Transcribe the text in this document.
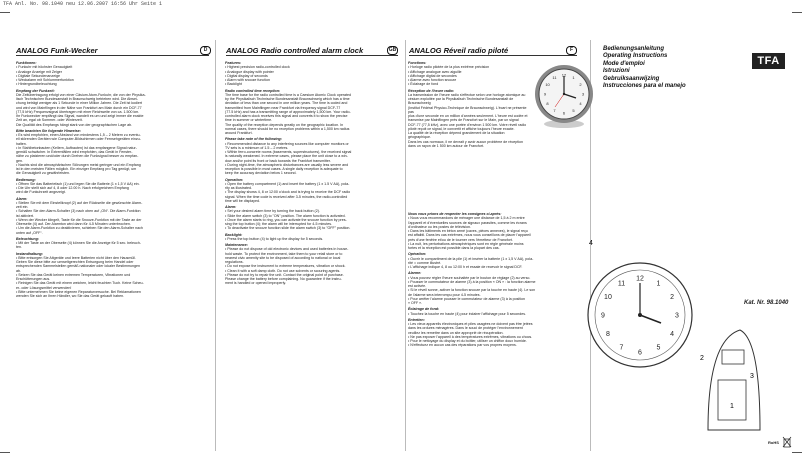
TFA Anl. No. 98.1040 neu 12.06.2007 16:56 Uhr Seite 1
ANALOG Funk-Wecker	D	ANALOG Radio controlled alarm clock	GB ANALOG Réveil radio piloté	F

Funktionen:

• Funkuhr mit höchster Genauigkeit

• Analoge Anzeige mit Zeiger

• Digitale Sekundenanzeige

• Weckalarm mit Schlummerfunktion

• Hintergrundbeleuchtung

Empfang der Funkzeit:

Die Zeitübertragung erfolgt von einer Cäsium Atom-Funkuhr, die von der Physika-

lisch Technischen Bundesanstalt in Braunschweig betrieben wird. Die Abwei-

chung beträgt weniger als 1 Sekunde in einer Million Jahren. Die Zeit ist kodiert

und wird von Mainflingen in der Nähe von Frankfurt am Main durch ein DCF-77

(77,5 kHz) Frequenzsignal übertragen mit einer Reichweite von ca. 1.500 km.

Ihr Funkwecker empfängt das Signal, wandelt es um und zeigt immer die exakte

Zeit an, egal ob Sommer- oder Winterzeit.

Die Qualität des Empfangs hängt stark von der geographischen Lage ab.

Bitte beachten Sie folgende Hinweise:

• Es wird empfohlen, einen Abstand von mindestens 1,5 – 2 Metern zu eventu-

ell störenden Geräten wie Computer-Bildschirmen oder Fernsehgeräten einzu-

halten.

• In Stahlbetonbauten (Kellern, Aufbauten) ist das empfangene Signal natur-

gemäß schwächer. In Extremfällen wird empfohlen, das Gerät in Fenster-

nähe zu platzieren und/oder durch Drehen die Funksignal besser zu empfan-

gen.

• Nachts sind die atmosphärischen Störungen meist geringer und ein Empfang

ist in den meisten Fällen möglich. Ein einziger Empfang pro Tag genügt, um

die Genauigkeit zu gewährleisten.

Bedienung:

• Öffnen Sie das Batteriefach (1) und legen Sie die Batterie (1 x 1,5 V AA) ein.

• Die Uhr stellt sich auf 4, 8 oder 12.00 h. Nach erfolgreichem Empfang

wird die Funkuhrzeit angezeigt.

Alarm:

• Stellen Sie mit dem Einstellknopf (2) auf der Rückseite die gewünschte Alarm-

zeit ein.

• Schalten Sie den Alarm-Schalter (3) nach oben auf „ON“. Die Alarm-Funktion

ist aktiviert.

• Wenn der Wecker klingelt, Taste für die Snooze-Funktion mit der Taste an der

Oberseite (4) auf. Der Alarmton wird dann für 4-5 Minuten unterbrochen.

• Um die Alarm-Funktion zu deaktivieren, schieben Sie den Alarm-Schalter nach

unten auf „OFF“.

Beleuchtung:

• Mit der Taste an der Oberseite (4) können Sie die Anzeige für 5 sec. beleuch-

ten.

Instandhaltung:

• Bitte entsorgen Sie Altgeräte und leere Batterien nicht über den Hausmüll.

Geben Sie diese bitte zur umweltgerechten Entsorgung beim Handel oder

entsprechenden Sammelstellen gemäß nationaler oder lokaler Bestimmungen

ab.

• Setzen Sie das Gerät keinen extremen Temperaturen, Vibrationen und

Erschütterungen aus.

• Reinigen Sie das Gerät mit einem weichen, leicht feuchten Tuch. Keine Scheu-

er- oder Lösungsmittel verwenden!

• Bitte unternehmen Sie keine eigenen Reparaturversuche. Bei Reklamationen

wenden Sie sich an Ihren Händler, wo Sie das Gerät gekauft haben.

Features:

• Highest precision radio-controlled clock

• Analogue display with pointer

• Digital display of seconds

• Alarm with snooze function

• Backlight

Radio controlled time reception:

The time base for the radio controlled time is a Caesium Atomic Clock operated

by the Physikalisch Technische Bundesanstalt Braunschweig which has a time

deviation of less than one second in one million years. The time is coded and

transmitted from Mainflingen near Frankfurt via frequency signal DCF-77

(77.5 kHz) and has a transmitting range of approximately 1,500 km. Your radio-

controlled alarm clock receives this signal and converts it to show the precise

time in summer or wintertime.

The quality of the reception depends greatly on the geographic location. In

normal cases, there should be no reception problems within a 1,500 km radius

around Frankfurt.

Please take note of the following:

• Recommended distance to any interfering sources like computer monitors or

TV sets is a minimum of 1.5 – 2 metres.

• Within ferro-concrete rooms (basements, superstructures), the received signal

is naturally weakened. In extreme cases, please place the unit close to a win-

dow and/or point its front or back towards the Frankfurt transmitter.

• During night-time, the atmospheric disturbances are usually less severe and

reception is possible in most cases. A single daily reception is adequate to

keep the accuracy deviation below 1 second.

Operation:

• Open the battery compartment (1) and insert the battery (1 x 1.5 V AA), pola-

rity as illustrated.

• The display shows 4, 8 or 12:00 o'clock and is trying to receive the DCF radio

signal. When the time code is received after 3-5 minutes, the radio-controlled

time will be displayed.

Alarm:

• Set your desired alarm time by turning the back button (2).

• Slide the alarm switch (3) to "ON" position. The alarm function is activated.

• Once the alarm starts to ring, you can activate the snooze function by pres-

sing the top button (4); the alarm will be interrupted for 4-5 minutes.

• To deactivate the snooze function slide the alarm switch (3) to "OFF" position.

Backlight:

• Press the top button (4) to light up the display for 5 seconds.

Maintenance:

• Please do not dispose of old electronic devices and used batteries in house-

hold waste. To protect the environment, take them to your retail store or to

nearest civic amenity site to be disposed of according to national or local

regulations.

• Do not expose the instrument to extreme temperatures, vibration or shock.

• Clean it with a soft damp cloth. Do not use solvents or scouring agents.

• Please do not try to repair the unit. Contact the original point of purchase.

Please change the battery before complaining. No guarantee if the instru-

ment is handled or opened improperly.

Fonctions:

• Horloge radio pilotée de la plus extrême précision

• Affichage analogue avec aiguille

• Affichage digital de secondes

• Alarme avec fonction snooze

• Éclairage de fond

Réception de l'heure radio:

La transmission de l'heure radio s'effectue selon une horloge atomique au

césium exploitée par la Physikalisch Technische Bundesanstalt de Braunschweig

(Institut Fédéral Physico-Technique de Braunschweig). L'écart ne présente pas

plus d'une seconde en un million d'années seulement. L'heure est codée et

transmise par Mainflingen près de Francfort sur le Main, par un signal

DCF-77 (77,5 kHz), avec une portée d'environ 1 500 km. Votre réveil radio

piloté reçoit ce signal, le convertit et affiche toujours l'heure exacte.

La qualité de la réception dépend grandement de la situation géographique.

Dans les cas normaux, il ne devrait y avoir aucun problème de réception

dans un rayon de 1 500 km autour de Francfort.

Nous vous prions de respecter les consignes ci-après:

• Nous vous recommandons de ménager une distance de 1,5 à 2 m entre

l'appareil et d'éventuelles sources de signaux parasites, comme les écrans

d'ordinateur ou les postes de télévision.

• Dans les bâtiments en béton armé (caves, pièces annexes), le signal reçu

est affaibli. Dans les cas extrêmes, nous vous conseillons de placer l'appareil

près d'une fenêtre et/ou de le tourner vers l'émetteur de Francfort.

• La nuit, les perturbations atmosphériques sont en règle générale moins

fortes et la réception est possible dans la plupart des cas.

Opération:

• Ouvrir le compartiment de la pile (1) et insérer la batterie (1 x 1,5 V AA), pola-

rité = comme illustré.

• L'affichage indique 4, 8 ou 12:00 h et essaie de recevoir le signal DCF.

Alarme:

• Vous pouvez régler l'heure souhaitée par le bouton de réglage (2) au verso.

• Pousser le commutateur de alarme (3) à la position « ON » : la fonction alarme

est activée.

• Si le réveil sonne, activer la fonction snooze par la touche en haute (4). Le son

de l'alarme sera interrompu pour 4-5 minutes.

• Pour arrêter l'alarme pousser le commutateur de alarme (3) à la position

« OFF ».

Éclairage de fond:

• Touchez la touche en haute (4) pour éclairer l'affichage pour 5 secondes.

Entretien:

• Les vieux appareils électroniques et piles usagées ne doivent pas être jetées

dans les ordures ménagères. Dans le souci de protéger l'environnement

veuillez les remettre dans un site approprié de récupération.

• Ne pas exposer l'appareil à des températures extrêmes, vibrations ou chocs.

• Pour le nettoyage du display et du boîtier, utiliser un chiffon doux humide.

• N'effectuez en aucun cas des réparations par vos propres moyens.

12
1
2
3
4
5
6
7
8
9
10
11
12
1
2
3
4
5
6
7
8
9
10
11
4
2
3
1
Bedienungsanleitung
Operating Instructions
Mode d'emploi
Istruzioni
Gebruiksaanwijzing
Instrucciones para el manejo
TFA
Kat. Nr. 98.1040
RoHS
